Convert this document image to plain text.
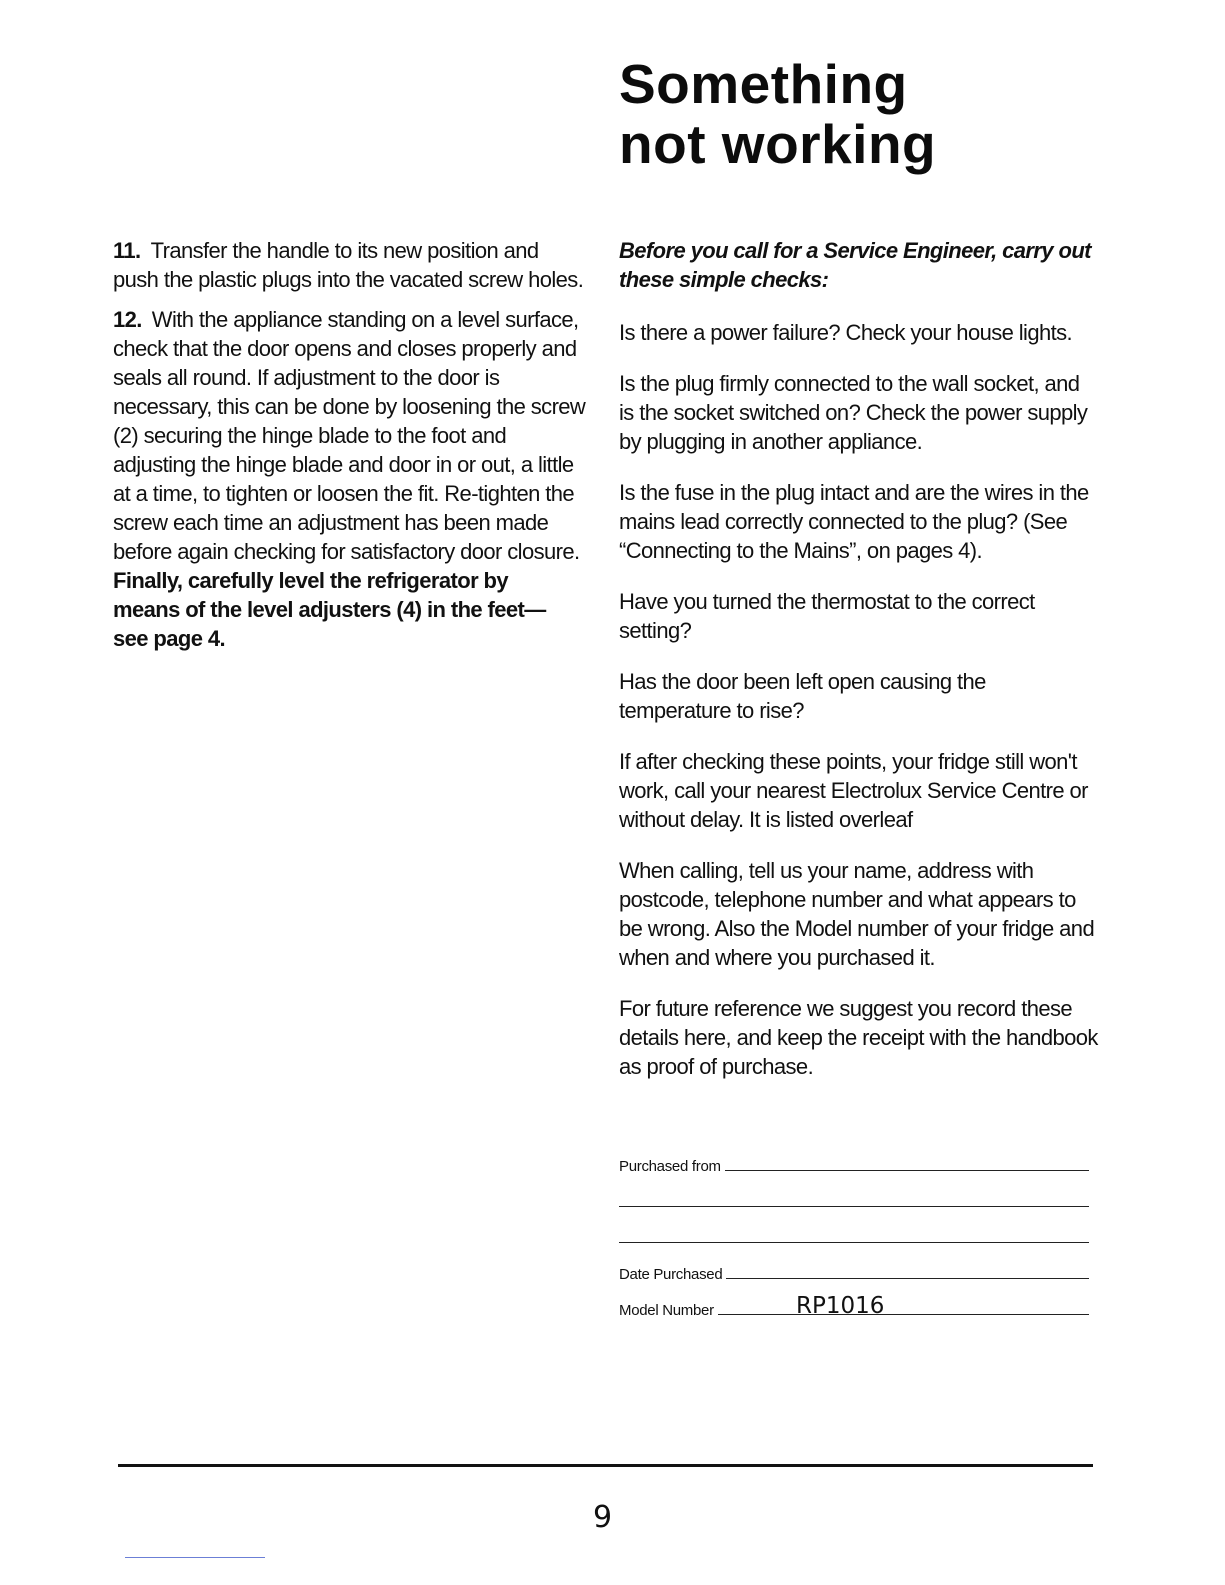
Something not working

11. Transfer the handle to its new position and push the plastic plugs into the vacated screw holes.

12. With the appliance standing on a level surface, check that the door opens and closes properly and seals all round. If adjustment to the door is necessary, this can be done by loosening the screw (2) securing the hinge blade to the foot and adjusting the hinge blade and door in or out, a little at a time, to tighten or loosen the fit. Re-tighten the screw each time an adjustment has been made before again checking for satisfactory door closure.

Finally, carefully level the refrigerator by means of the level adjusters (4) in the feet— see page 4.

Before you call for a Service Engineer, carry out these simple checks:

Is there a power failure? Check your house lights.

Is the plug firmly connected to the wall socket, and is the socket switched on? Check the power supply by plugging in another appliance.

Is the fuse in the plug intact and are the wires in the mains lead correctly connected to the plug? (See “Connecting to the Mains”, on pages 4).

Have you turned the thermostat to the correct setting?

Has the door been left open causing the temperature to rise?

If after checking these points, your fridge still won't work, call your nearest Electrolux Service Centre or without delay. It is listed overleaf

When calling, tell us your name, address with postcode, telephone number and what appears to be wrong. Also the Model number of your fridge and when and where you purchased it.

For future reference we suggest you record these details here, and keep the receipt with the handbook as proof of purchase.

Purchased from
Date Purchased
Model Number	RP1016
9
